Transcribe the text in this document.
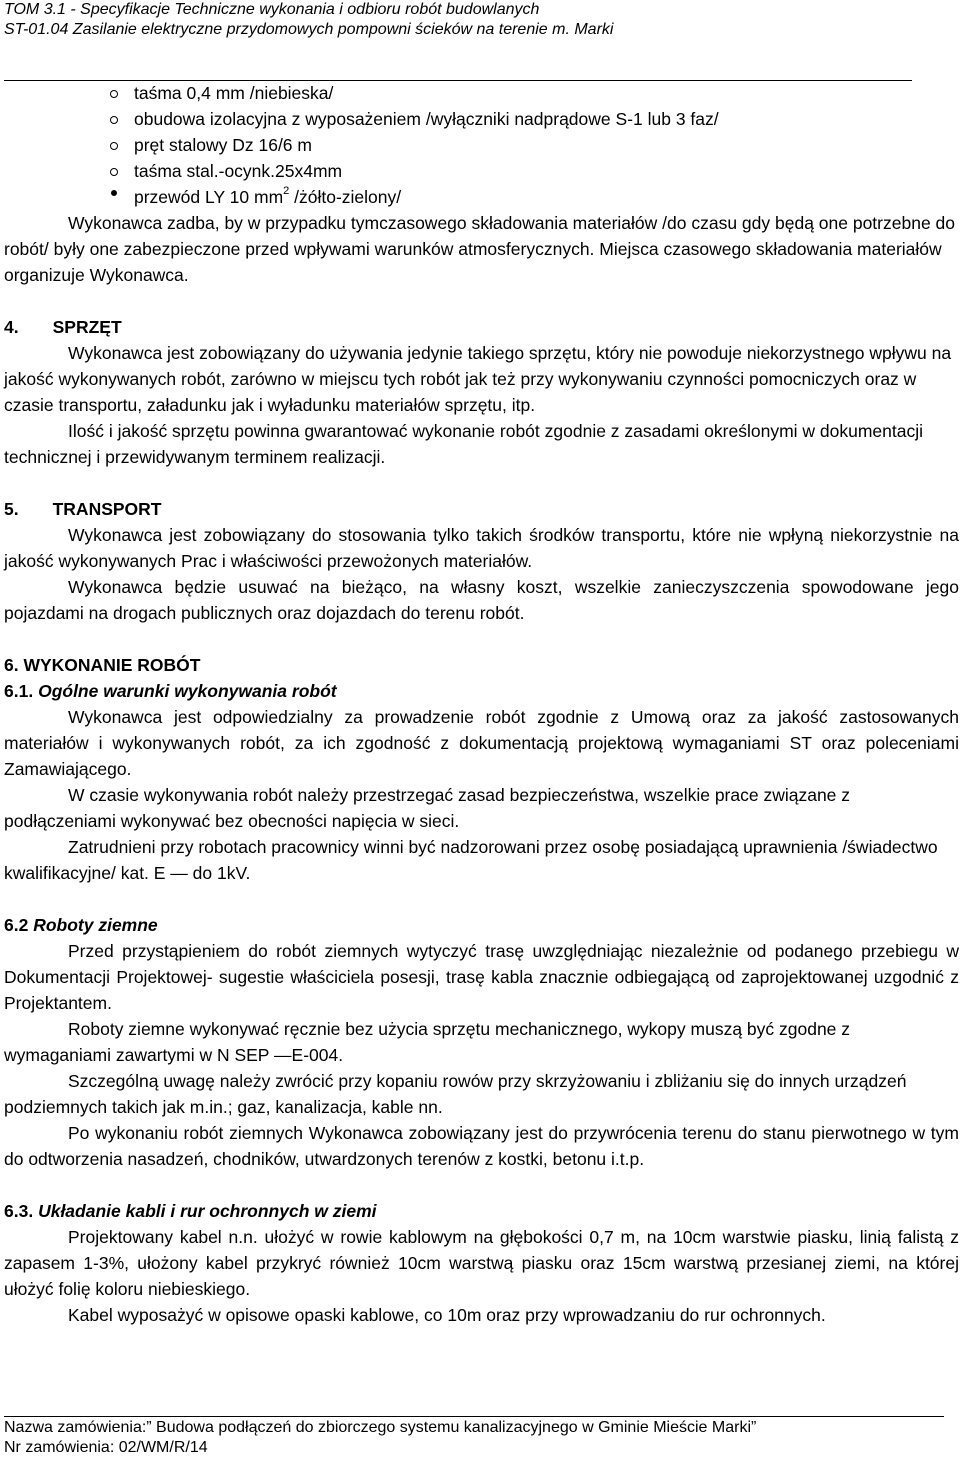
TOM 3.1 - Specyfikacje Techniczne wykonania i odbioru robót budowlanych
ST-01.04 Zasilanie elektryczne przydomowych pompowni ścieków na terenie m. Marki
taśma 0,4 mm /niebieska/
obudowa izolacyjna z wyposażeniem /wyłączniki nadprądowe S-1 lub 3 faz/
pręt stalowy Dz 16/6 m
taśma stal.-ocynk.25x4mm
przewód LY 10 $mm^2$ /żółto-zielony/

Wykonawca zadba, by w przypadku tymczasowego składowania materiałów /do czasu gdy będą one potrzebne do robót/ były one zabezpieczone przed wpływami warunków atmosferycznych. Miejsca czasowego składowania materiałów organizuje Wykonawca.

4. SPRZĘT

Wykonawca jest zobowiązany do używania jedynie takiego sprzętu, który nie powoduje niekorzystnego wpływu na jakość wykonywanych robót, zarówno w miejscu tych robót jak też przy wykonywaniu czynności pomocniczych oraz w czasie transportu, załadunku jak i wyładunku materiałów sprzętu, itp.

Ilość i jakość sprzętu powinna gwarantować wykonanie robót zgodnie z zasadami określonymi w dokumentacji technicznej i przewidywanym terminem realizacji.

5. TRANSPORT

Wykonawca jest zobowiązany do stosowania tylko takich środków transportu, które nie wpłyną niekorzystnie na jakość wykonywanych Prac i właściwości przewożonych materiałów.

Wykonawca będzie usuwać na bieżąco, na własny koszt, wszelkie zanieczyszczenia spowodowane jego pojazdami na drogach publicznych oraz dojazdach do terenu robót.

6. WYKONANIE ROBÓT
6.1. Ogólne warunki wykonywania robót

Wykonawca jest odpowiedzialny za prowadzenie robót zgodnie z Umową oraz za jakość zastosowanych materiałów i wykonywanych robót, za ich zgodność z dokumentacją projektową wymaganiami ST oraz poleceniami Zamawiającego.

W czasie wykonywania robót należy przestrzegać zasad bezpieczeństwa, wszelkie prace związane z podłączeniami wykonywać bez obecności napięcia w sieci.

Zatrudnieni przy robotach pracownicy winni być nadzorowani przez osobę posiadającą uprawnienia /świadectwo kwalifikacyjne/ kat. E — do 1kV.

6.2 Roboty ziemne

Przed przystąpieniem do robót ziemnych wytyczyć trasę uwzględniając niezależnie od podanego przebiegu w Dokumentacji Projektowej- sugestie właściciela posesji, trasę kabla znacznie odbiegającą od zaprojektowanej uzgodnić z Projektantem.

Roboty ziemne wykonywać ręcznie bez użycia sprzętu mechanicznego, wykopy muszą być zgodne z wymaganiami zawartymi w N SEP —E-004.

Szczególną uwagę należy zwrócić przy kopaniu rowów przy skrzyżowaniu i zbliżaniu się do innych urządzeń podziemnych takich jak m.in.; gaz, kanalizacja, kable nn.

Po wykonaniu robót ziemnych Wykonawca zobowiązany jest do przywrócenia terenu do stanu pierwotnego w tym do odtworzenia nasadzeń, chodników, utwardzonych terenów z kostki, betonu i.t.p.

6.3. Układanie kabli i rur ochronnych w ziemi

Projektowany kabel n.n. ułożyć w rowie kablowym na głębokości 0,7 m, na 10cm warstwie piasku, linią falistą z zapasem 1-3%, ułożony kabel przykryć również 10cm warstwą piasku oraz 15cm warstwą przesianej ziemi, na której ułożyć folię koloru niebieskiego.

Kabel wyposażyć w opisowe opaski kablowe, co 10m oraz przy wprowadzaniu do rur ochronnych.

Nazwa zamówienia:” Budowa podłączeń do zbiorczego systemu kanalizacyjnego w Gminie Mieście Marki”
Nr zamówienia: 02/WM/R/14
